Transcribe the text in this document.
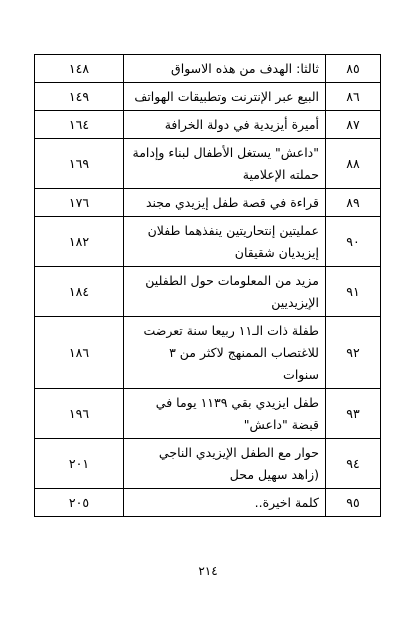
٨٥	ثالثا: الهدف من هذه الاسواق	١٤٨
٨٦	البيع عبر الإنترنت وتطبيقات الهواتف	١٤٩
٨٧	أميرة أيزيدية في دولة الخرافة	١٦٤
٨٨	"داعش" يستغل الأطفال لبناء وإدامة حملته الإعلامية	١٦٩
٨٩	قراءة في قصة طفل إيزيدي مجند	١٧٦
٩٠	عمليتين إنتحاريتين ينفذهما طفلان إيزيديان شقيقان	١٨٢
٩١	مزيد من المعلومات حول الطفلين الإيزيديين	١٨٤
٩٢	طفلة ذات الـ١١ ربيعا سنة تعرضت للاغتصاب الممنهج لاكثر من ٣ سنوات	١٨٦
٩٣	طفل ايزيدي بقي ١١٣٩ يوما في قبضة "داعش"	١٩٦
٩٤	حوار مع الطفل الإيزيدي الناجي (زاهد سهيل محل	٢٠١
٩٥	كلمة اخيرة..	٢٠٥
٢١٤
